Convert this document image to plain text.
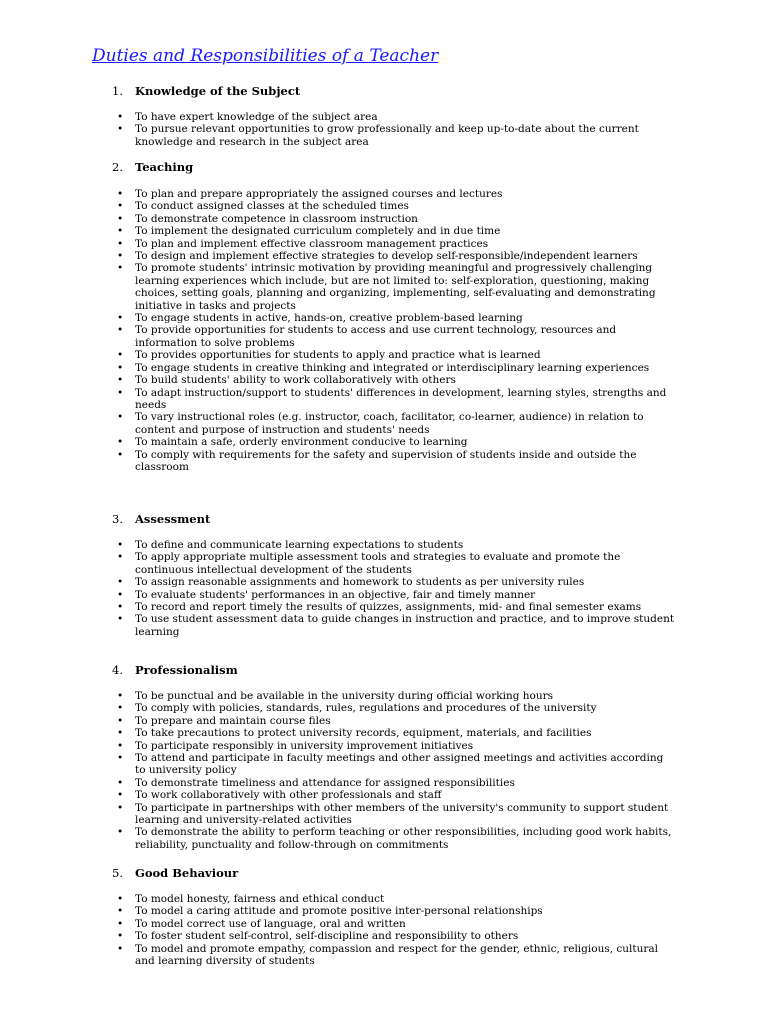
Duties and Responsibilities of a Teacher
1. Knowledge of the Subject
• To have expert knowledge of the subject area
• To pursue relevant opportunities to grow professionally and keep up-to-date about the current knowledge and research in the subject area
2. Teaching
• To plan and prepare appropriately the assigned courses and lectures
• To conduct assigned classes at the scheduled times
• To demonstrate competence in classroom instruction
• To implement the designated curriculum completely and in due time
• To plan and implement effective classroom management practices
• To design and implement effective strategies to develop self-responsible/independent learners
• To promote students' intrinsic motivation by providing meaningful and progressively challenging learning experiences which include, but are not limited to: self-exploration, questioning, making choices, setting goals, planning and organizing, implementing, self-evaluating and demonstrating initiative in tasks and projects
• To engage students in active, hands-on, creative problem-based learning
• To provide opportunities for students to access and use current technology, resources and information to solve problems
• To provides opportunities for students to apply and practice what is learned
• To engage students in creative thinking and integrated or interdisciplinary learning experiences
• To build students' ability to work collaboratively with others
• To adapt instruction/support to students' differences in development, learning styles, strengths and needs
• To vary instructional roles (e.g. instructor, coach, facilitator, co-learner, audience) in relation to content and purpose of instruction and students' needs
• To maintain a safe, orderly environment conducive to learning
• To comply with requirements for the safety and supervision of students inside and outside the classroom
3. Assessment
• To define and communicate learning expectations to students
• To apply appropriate multiple assessment tools and strategies to evaluate and promote the continuous intellectual development of the students
• To assign reasonable assignments and homework to students as per university rules
• To evaluate students' performances in an objective, fair and timely manner
• To record and report timely the results of quizzes, assignments, mid- and final semester exams
• To use student assessment data to guide changes in instruction and practice, and to improve student learning
4. Professionalism
• To be punctual and be available in the university during official working hours
• To comply with policies, standards, rules, regulations and procedures of the university
• To prepare and maintain course files
• To take precautions to protect university records, equipment, materials, and facilities
• To participate responsibly in university improvement initiatives
• To attend and participate in faculty meetings and other assigned meetings and activities according to university policy
• To demonstrate timeliness and attendance for assigned responsibilities
• To work collaboratively with other professionals and staff
• To participate in partnerships with other members of the university's community to support student learning and university-related activities
• To demonstrate the ability to perform teaching or other responsibilities, including good work habits, reliability, punctuality and follow-through on commitments
5. Good Behaviour
• To model honesty, fairness and ethical conduct
• To model a caring attitude and promote positive inter-personal relationships
• To model correct use of language, oral and written
• To foster student self-control, self-discipline and responsibility to others
• To model and promote empathy, compassion and respect for the gender, ethnic, religious, cultural and learning diversity of students
